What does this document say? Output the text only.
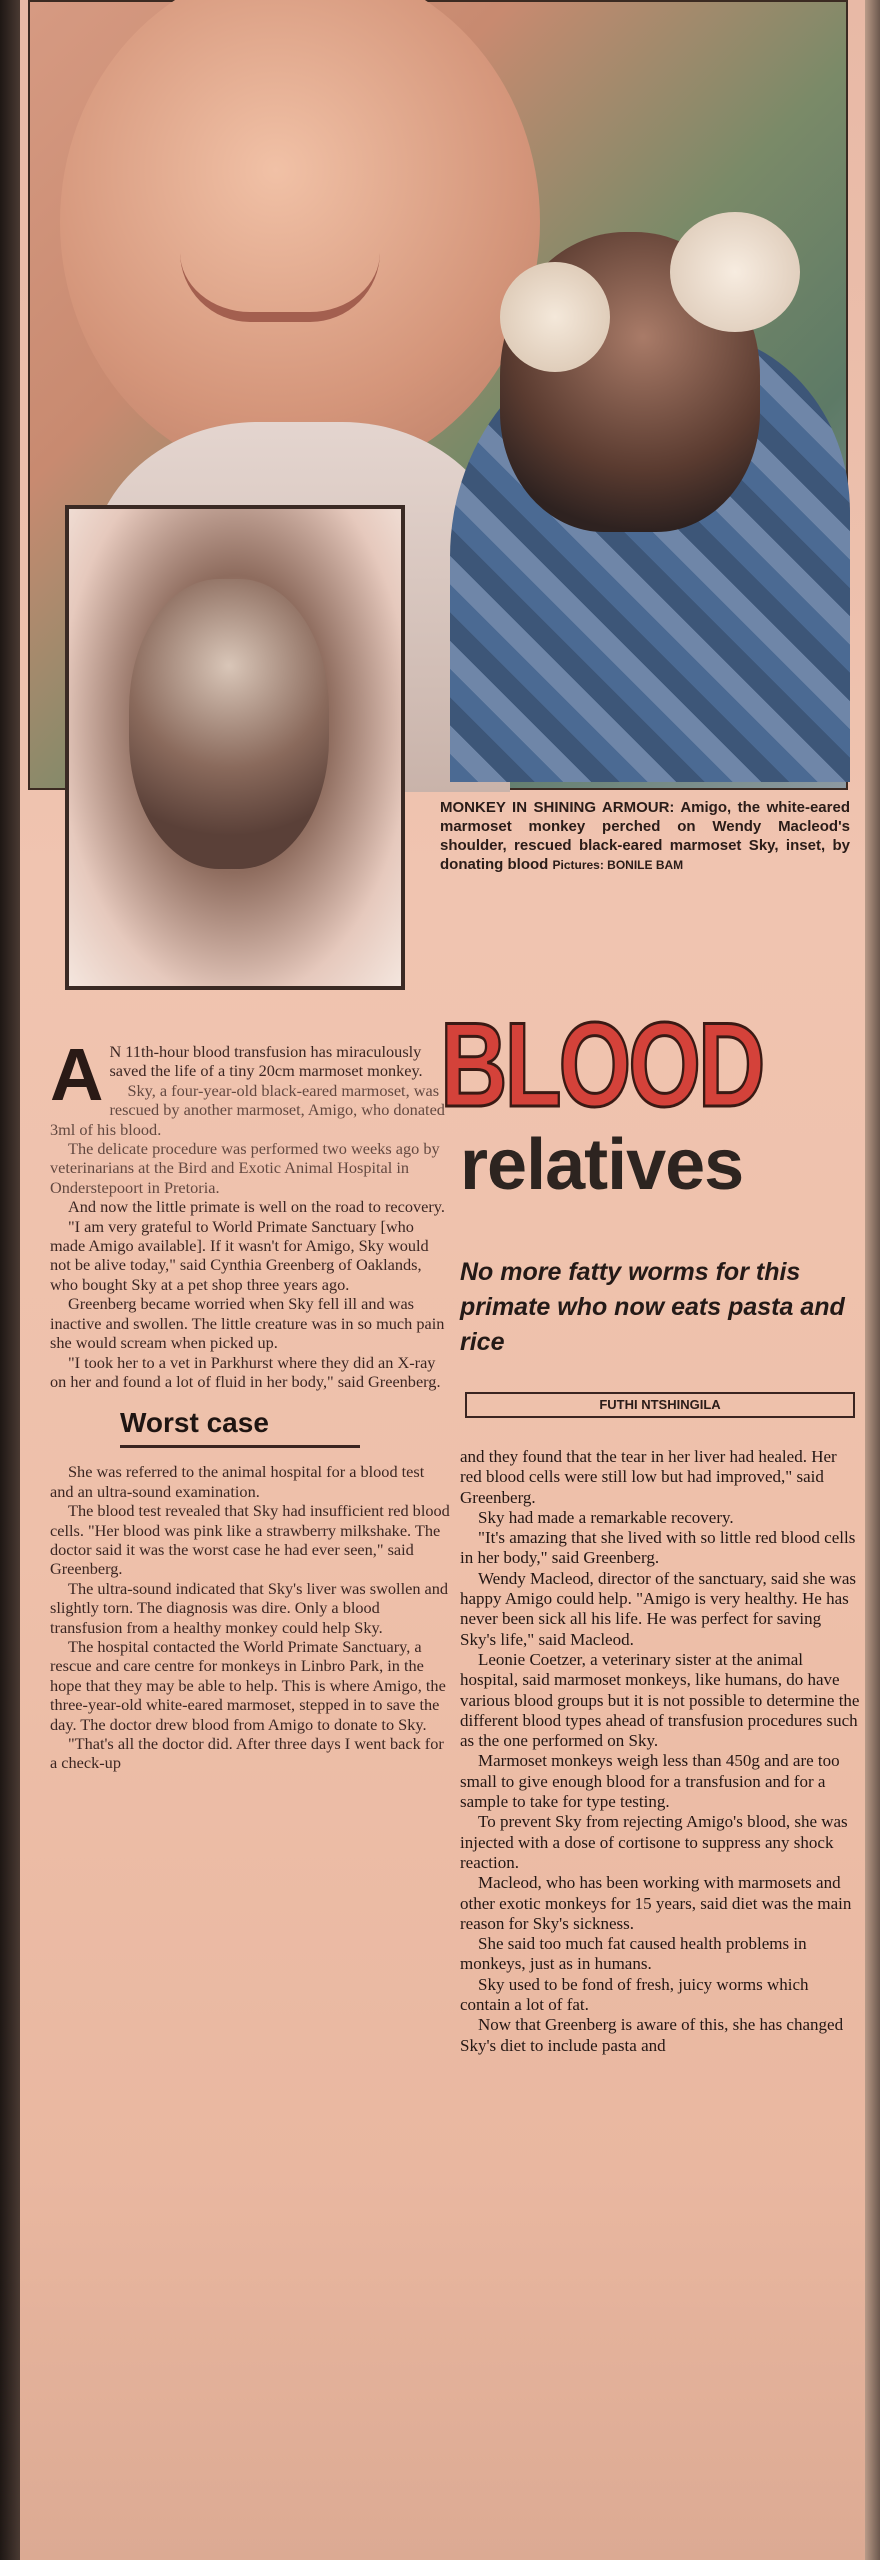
MONKEY IN SHINING ARMOUR: Amigo, the white-eared marmoset monkey perched on Wendy Macleod's shoulder, rescued black-eared marmoset Sky, inset, by donating blood Pictures: BONILE BAM
BLOOD
relatives
No more fatty worms for this primate who now eats pasta and rice
FUTHI NTSHINGILA

A N 11th-hour blood transfusion has miraculously saved the life of a tiny 20cm marmoset monkey.

Sky, a four-year-old black-eared marmoset, was rescued by another marmoset, Amigo, who donated 3ml of his blood.

The delicate procedure was performed two weeks ago by veterinarians at the Bird and Exotic Animal Hospital in Onderstepoort in Pretoria.

And now the little primate is well on the road to recovery.

"I am very grateful to World Primate Sanctuary [who made Amigo available]. If it wasn't for Amigo, Sky would not be alive today," said Cynthia Greenberg of Oaklands, who bought Sky at a pet shop three years ago.

Greenberg became worried when Sky fell ill and was inactive and swollen. The little creature was in so much pain she would scream when picked up.

"I took her to a vet in Parkhurst where they did an X-ray on her and found a lot of fluid in her body," said Greenberg.

Worst case

She was referred to the animal hospital for a blood test and an ultra-sound examination.

The blood test revealed that Sky had insufficient red blood cells. "Her blood was pink like a strawberry milkshake. The doctor said it was the worst case he had ever seen," said Greenberg.

The ultra-sound indicated that Sky's liver was swollen and slightly torn. The diagnosis was dire. Only a blood transfusion from a healthy monkey could help Sky.

The hospital contacted the World Primate Sanctuary, a rescue and care centre for monkeys in Linbro Park, in the hope that they may be able to help. This is where Amigo, the three-year-old white-eared marmoset, stepped in to save the day. The doctor drew blood from Amigo to donate to Sky.

"That's all the doctor did. After three days I went back for a check-up

and they found that the tear in her liver had healed. Her red blood cells were still low but had improved," said Greenberg.

Sky had made a remarkable recovery.

"It's amazing that she lived with so little red blood cells in her body," said Greenberg.

Wendy Macleod, director of the sanctuary, said she was happy Amigo could help. "Amigo is very healthy. He has never been sick all his life. He was perfect for saving Sky's life," said Macleod.

Leonie Coetzer, a veterinary sister at the animal hospital, said marmoset monkeys, like humans, do have various blood groups but it is not possible to determine the different blood types ahead of transfusion procedures such as the one performed on Sky.

Marmoset monkeys weigh less than 450g and are too small to give enough blood for a transfusion and for a sample to take for type testing.

To prevent Sky from rejecting Amigo's blood, she was injected with a dose of cortisone to suppress any shock reaction.

Macleod, who has been working with marmosets and other exotic monkeys for 15 years, said diet was the main reason for Sky's sickness.

She said too much fat caused health problems in monkeys, just as in humans.

Sky used to be fond of fresh, juicy worms which contain a lot of fat.

Now that Greenberg is aware of this, she has changed Sky's diet to include pasta and
